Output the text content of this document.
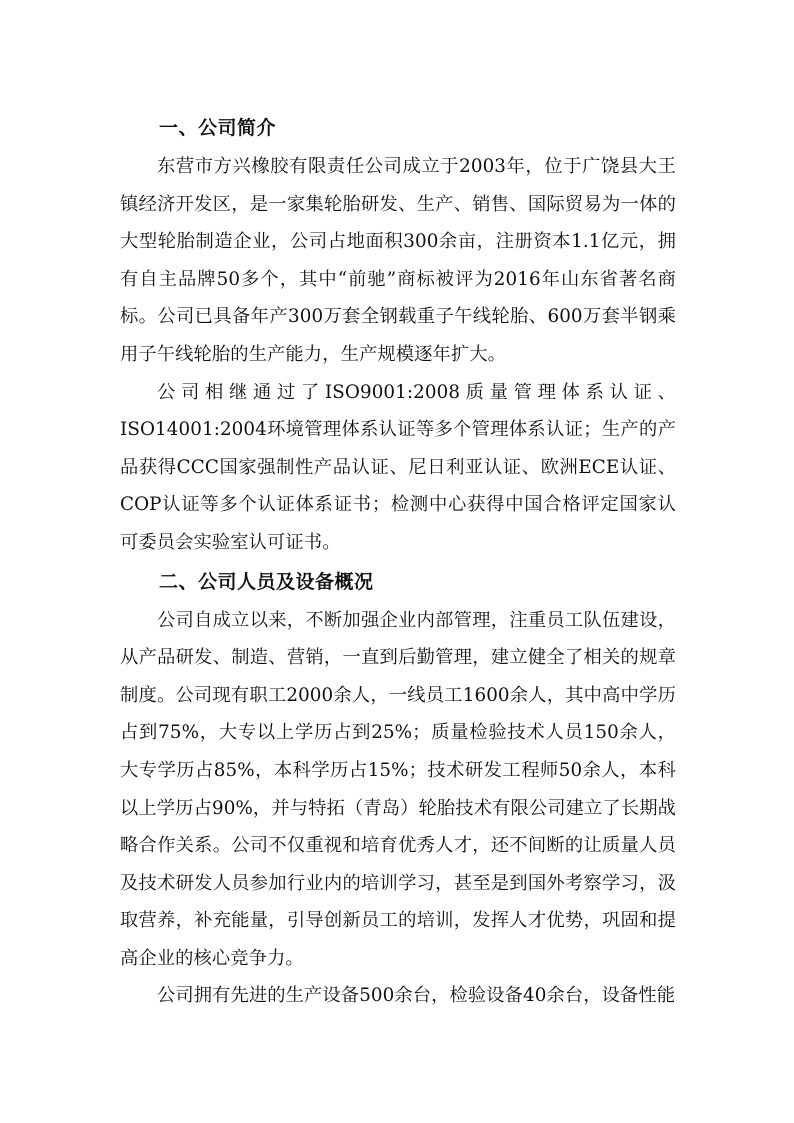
一、公司简介

东营市方兴橡胶有限责任公司成立于2003年，位于广饶县大王镇经济开发区，是一家集轮胎研发、生产、销售、国际贸易为一体的大型轮胎制造企业，公司占地面积300余亩，注册资本1.1亿元，拥有自主品牌50多个，其中“前驰”商标被评为2016年山东省著名商标。公司已具备年产300万套全钢载重子午线轮胎、600万套半钢乘用子午线轮胎的生产能力，生产规模逐年扩大。

公司相继通过了ISO9001:2008质量管理体系认证、ISO14001:2004环境管理体系认证等多个管理体系认证；生产的产品获得CCC国家强制性产品认证、尼日利亚认证、欧洲ECE认证、COP认证等多个认证体系证书；检测中心获得中国合格评定国家认可委员会实验室认可证书。

二、公司人员及设备概况

公司自成立以来，不断加强企业内部管理，注重员工队伍建设，从产品研发、制造、营销，一直到后勤管理，建立健全了相关的规章制度。公司现有职工2000余人，一线员工1600余人，其中高中学历占到75%，大专以上学历占到25%；质量检验技术人员150余人，大专学历占85%，本科学历占15%；技术研发工程师50余人，本科以上学历占90%，并与特拓（青岛）轮胎技术有限公司建立了长期战略合作关系。公司不仅重视和培育优秀人才，还不间断的让质量人员及技术研发人员参加行业内的培训学习，甚至是到国外考察学习，汲取营养，补充能量，引导创新员工的培训，发挥人才优势，巩固和提高企业的核心竞争力。

公司拥有先进的生产设备500余台，检验设备40余台，设备性能
